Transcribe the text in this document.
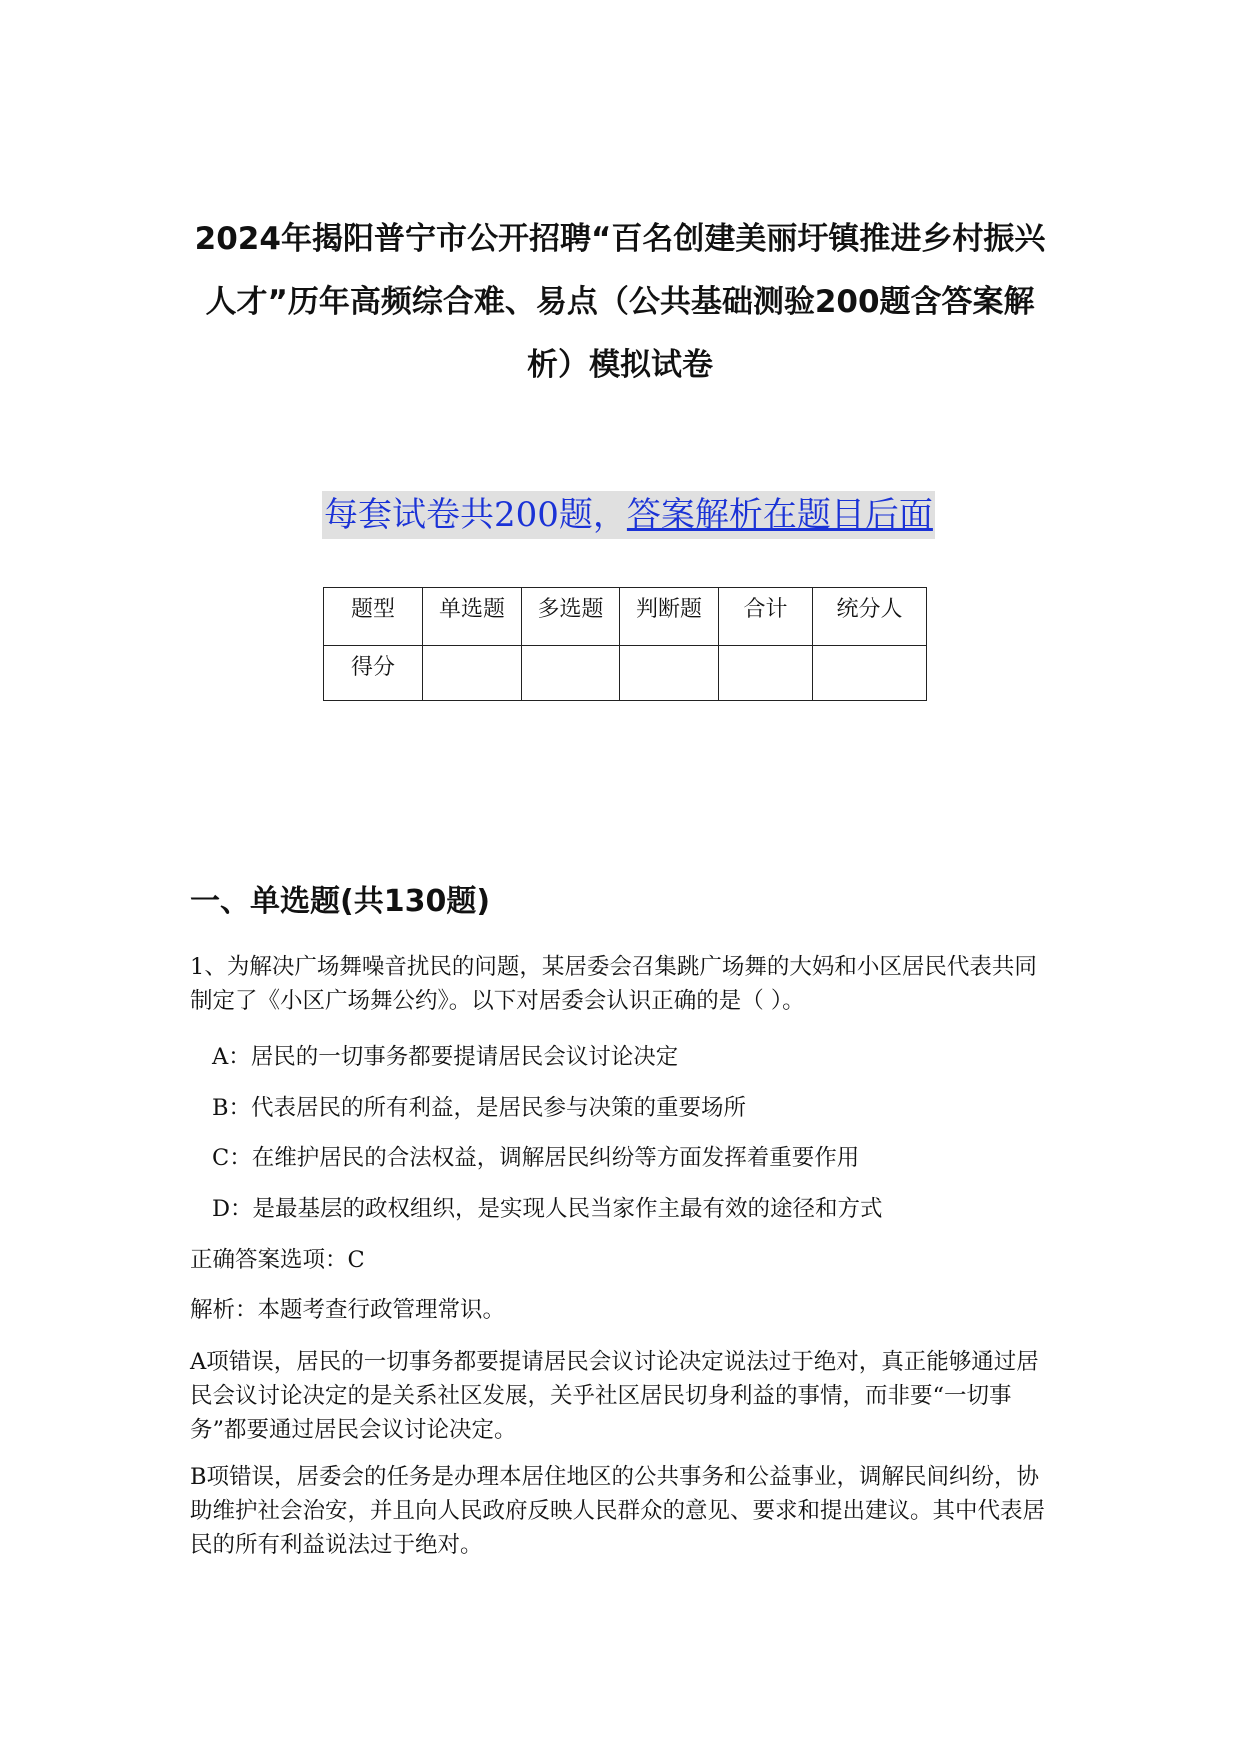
2024年揭阳普宁市公开招聘“百名创建美丽圩镇推进乡村振兴人才”历年高频综合难、易点（公共基础测验200题含答案解析）模拟试卷
每套试卷共200题，答案解析在题目后面
题型	单选题	多选题	判断题	合计	统分人
得分					
一、单选题(共130题)

1、为解决广场舞噪音扰民的问题，某居委会召集跳广场舞的大妈和小区居民代表共同制定了《小区广场舞公约》。以下对居委会认识正确的是（ ）。

A：居民的一切事务都要提请居民会议讨论决定

B：代表居民的所有利益，是居民参与决策的重要场所

C：在维护居民的合法权益，调解居民纠纷等方面发挥着重要作用

D：是最基层的政权组织，是实现人民当家作主最有效的途径和方式

正确答案选项：C

解析：本题考查行政管理常识。

A项错误，居民的一切事务都要提请居民会议讨论决定说法过于绝对，真正能够通过居民会议讨论决定的是关系社区发展，关乎社区居民切身利益的事情，而非要“一切事务”都要通过居民会议讨论决定。

B项错误，居委会的任务是办理本居住地区的公共事务和公益事业，调解民间纠纷，协助维护社会治安，并且向人民政府反映人民群众的意见、要求和提出建议。其中代表居民的所有利益说法过于绝对。
